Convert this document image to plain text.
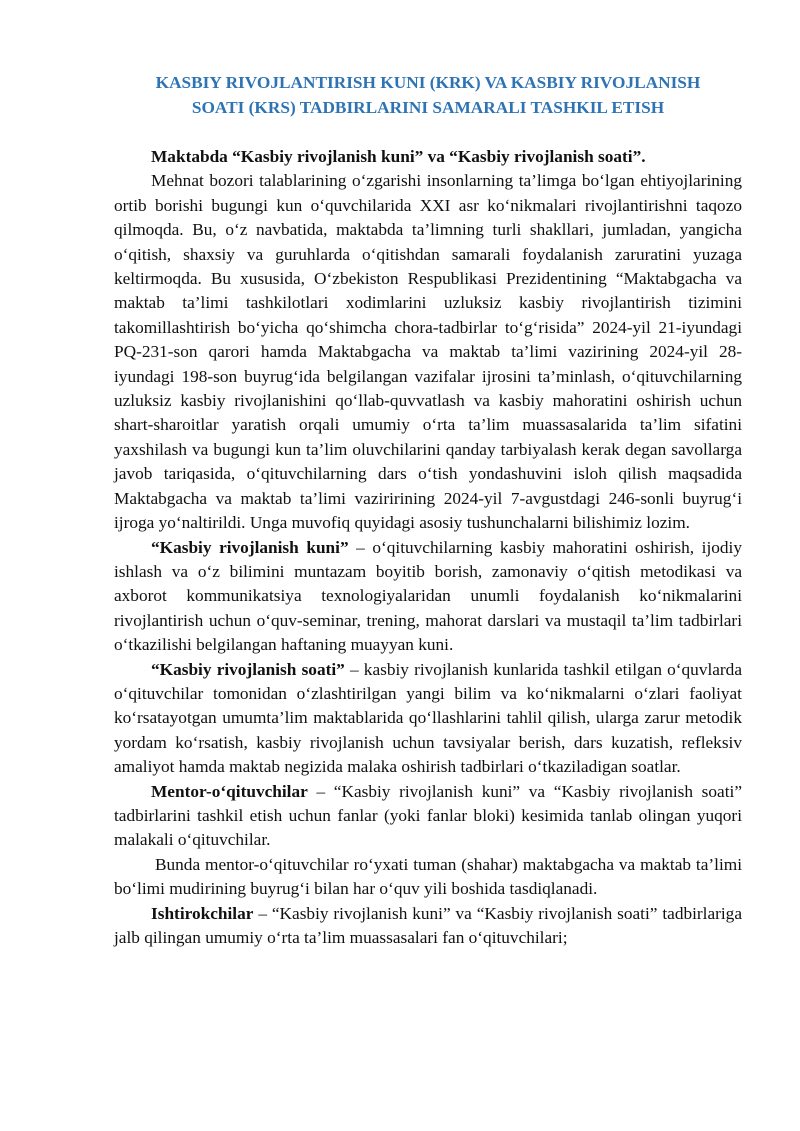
KASBIY RIVOJLANTIRISH KUNI (KRK) VA KASBIY RIVOJLANISH
SOATI (KRS) TADBIRLARINI SAMARALI TASHKIL ETISH

Maktabda “Kasbiy rivojlanish kuni” va “Kasbiy rivojlanish soati”.

Mehnat bozori talablarining o‘zgarishi insonlarning ta’limga bo‘lgan ehtiyojlarining ortib borishi bugungi kun o‘quvchilarida XXI asr ko‘nikmalari rivojlantirishni taqozo qilmoqda. Bu, o‘z navbatida, maktabda ta’limning turli shakllari, jumladan, yangicha o‘qitish, shaxsiy va guruhlarda o‘qitishdan samarali foydalanish zaruratini yuzaga keltirmoqda. Bu xususida, O‘zbekiston Respublikasi Prezidentining “Maktabgacha va maktab ta’limi tashkilotlari xodimlarini uzluksiz kasbiy rivojlantirish tizimini takomillashtirish bo‘yicha qo‘shimcha chora-tadbirlar to‘g‘risida” 2024-yil 21-iyundagi

PQ-231-son qarori hamda Maktabgacha va maktab ta’limi vazirining 2024-yil 28-iyundagi 198-son buyrug‘ida belgilangan vazifalar ijrosini ta’minlash, o‘qituvchilarning uzluksiz kasbiy rivojlanishini qo‘llab-quvvatlash va kasbiy mahoratini oshirish uchun shart-sharoitlar yaratish orqali umumiy o‘rta ta’lim muassasalarida ta’lim sifatini yaxshilash va bugungi kun ta’lim oluvchilarini qanday tarbiyalash kerak degan savollarga javob tariqasida, o‘qituvchilarning dars o‘tish yondashuvini isloh qilish maqsadida Maktabgacha va maktab ta’limi vaziririning 2024-yil 7-avgustdagi 246-sonli buyrug‘i ijroga yo‘naltirildi. Unga muvofiq quyidagi asosiy tushunchalarni bilishimiz lozim.

“Kasbiy rivojlanish kuni” – o‘qituvchilarning kasbiy mahoratini oshirish, ijodiy ishlash va o‘z bilimini muntazam boyitib borish, zamonaviy o‘qitish metodikasi va axborot kommunikatsiya texnologiyalaridan unumli foydalanish ko‘nikmalarini rivojlantirish uchun o‘quv-seminar, trening, mahorat darslari va mustaqil ta’lim tadbirlari o‘tkazilishi belgilangan haftaning muayyan kuni.

“Kasbiy rivojlanish soati” – kasbiy rivojlanish kunlarida tashkil etilgan o‘quvlarda o‘qituvchilar tomonidan o‘zlashtirilgan yangi bilim va ko‘nikmalarni o‘zlari faoliyat ko‘rsatayotgan umumta’lim maktablarida qo‘llashlarini tahlil qilish, ularga zarur metodik yordam ko‘rsatish, kasbiy rivojlanish uchun tavsiyalar berish, dars kuzatish, refleksiv amaliyot hamda maktab negizida malaka oshirish tadbirlari o‘tkaziladigan soatlar.

Mentor-o‘qituvchilar – “Kasbiy rivojlanish kuni” va “Kasbiy rivojlanish soati” tadbirlarini tashkil etish uchun fanlar (yoki fanlar bloki) kesimida tanlab olingan yuqori malakali o‘qituvchilar.

Bunda mentor-o‘qituvchilar ro‘yxati tuman (shahar) maktabgacha va maktab ta’limi bo‘limi mudirining buyrug‘i bilan har o‘quv yili boshida tasdiqlanadi.

Ishtirokchilar – “Kasbiy rivojlanish kuni” va “Kasbiy rivojlanish soati” tadbirlariga jalb qilingan umumiy o‘rta ta’lim muassasalari fan o‘qituvchilari;
